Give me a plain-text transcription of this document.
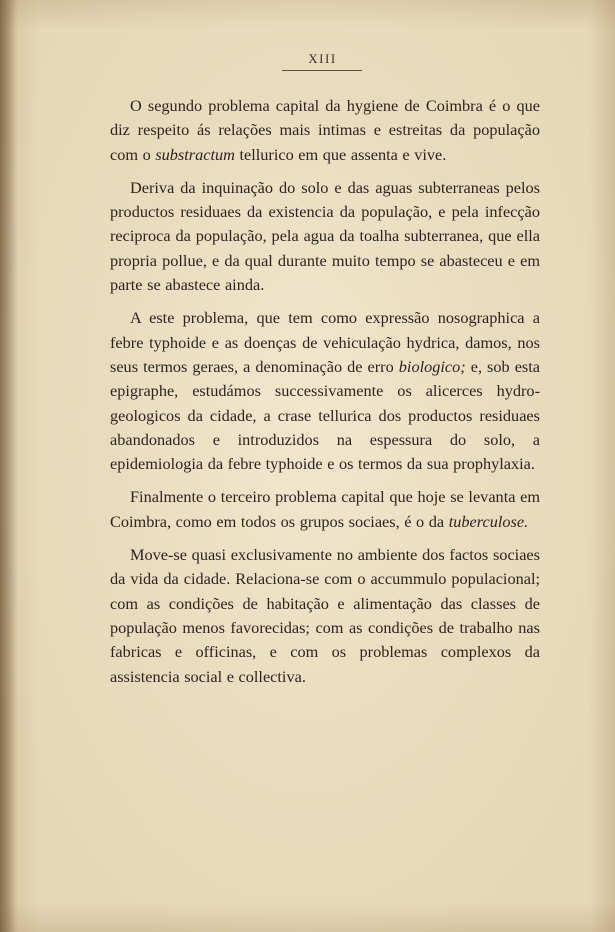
XIII

O segundo problema capital da hygiene de Coimbra é o que diz respeito ás relações mais intimas e estreitas da população com o substractum tellurico em que assenta e vive.

Deriva da inquinação do solo e das aguas subterraneas pelos productos residuaes da existencia da população, e pela infecção reciproca da população, pela agua da toalha subterranea, que ella propria pollue, e da qual durante muito tempo se abasteceu e em parte se abastece ainda.

A este problema, que tem como expressão nosographica a febre typhoide e as doenças de vehiculação hydrica, damos, nos seus termos geraes, a denominação de erro biologico; e, sob esta epigraphe, estudámos successivamente os alicerces hydro-geologicos da cidade, a crase tellurica dos productos residuaes abandonados e introduzidos na espessura do solo, a epidemiologia da febre typhoide e os termos da sua prophylaxia.

Finalmente o terceiro problema capital que hoje se levanta em Coimbra, como em todos os grupos sociaes, é o da tuberculose.

Move-se quasi exclusivamente no ambiente dos factos sociaes da vida da cidade. Relaciona-se com o accummulo populacional; com as condições de habitação e alimentação das classes de população menos favorecidas; com as condições de trabalho nas fabricas e officinas, e com os problemas complexos da assistencia social e collectiva.
